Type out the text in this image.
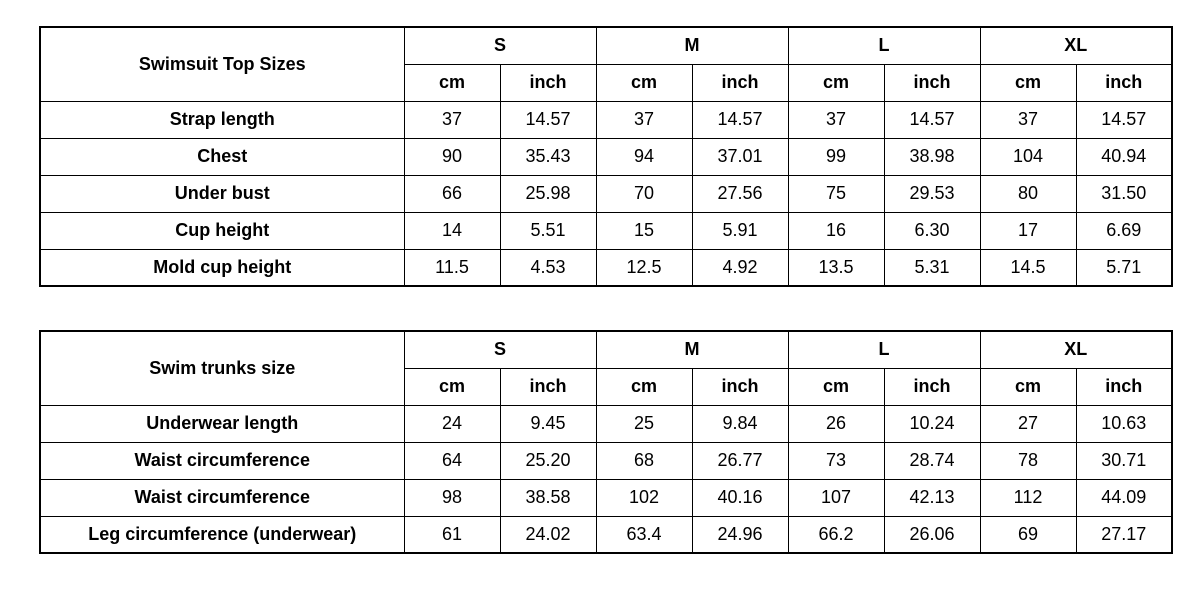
Swimsuit Top Sizes	S		M		L		XL	
	cm	inch	cm	inch	cm	inch	cm	inch
Strap length	37	14.57	37	14.57	37	14.57	37	14.57
Chest	90	35.43	94	37.01	99	38.98	104	40.94
Under bust	66	25.98	70	27.56	75	29.53	80	31.50
Cup height	14	5.51	15	5.91	16	6.30	17	6.69
Mold cup height	11.5	4.53	12.5	4.92	13.5	5.31	14.5	5.71
Swim trunks size	S		M		L		XL	
	cm	inch	cm	inch	cm	inch	cm	inch
Underwear length	24	9.45	25	9.84	26	10.24	27	10.63
Waist circumference	64	25.20	68	26.77	73	28.74	78	30.71
Waist circumference	98	38.58	102	40.16	107	42.13	112	44.09
Leg circumference (underwear)	61	24.02	63.4	24.96	66.2	26.06	69	27.17
